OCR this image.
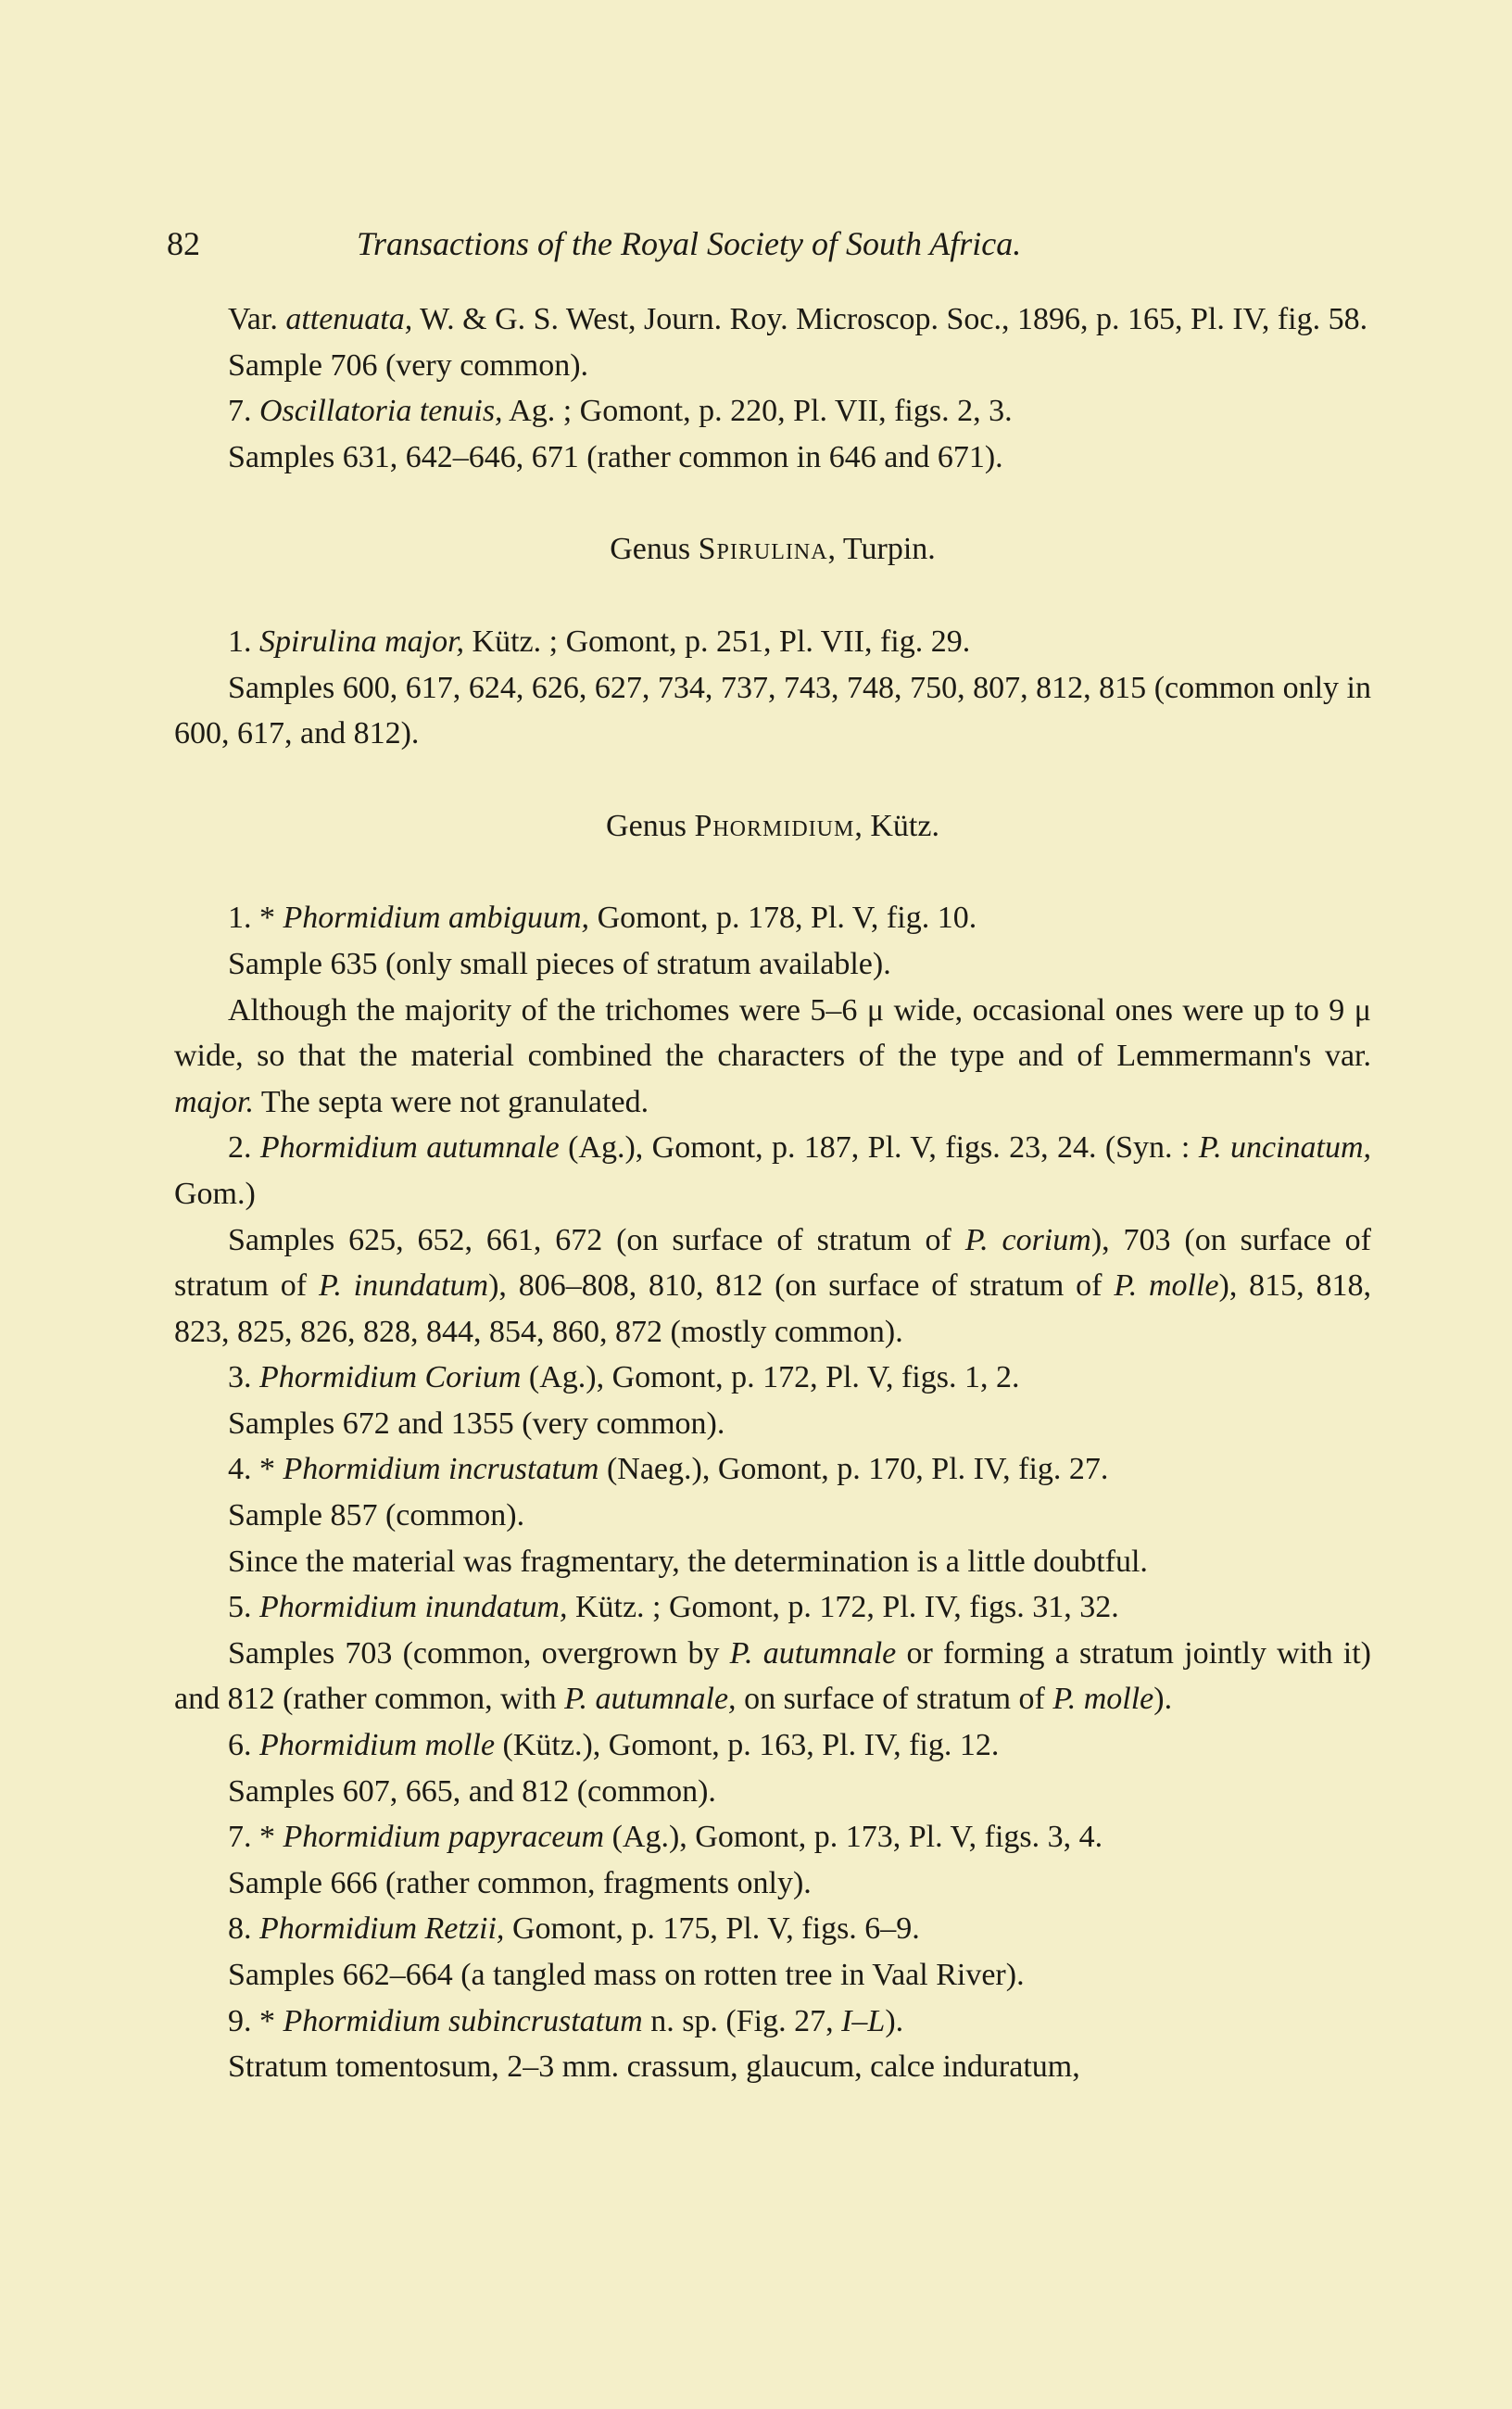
82	Transactions of the Royal Society of South Africa.

Var. attenuata, W. & G. S. West, Journ. Roy. Microscop. Soc., 1896, p. 165, Pl. IV, fig. 58.

Sample 706 (very common).

7. Oscillatoria tenuis, Ag. ; Gomont, p. 220, Pl. VII, figs. 2, 3.

Samples 631, 642–646, 671 (rather common in 646 and 671).

Genus Spirulina, Turpin.

1. Spirulina major, Kütz. ; Gomont, p. 251, Pl. VII, fig. 29.

Samples 600, 617, 624, 626, 627, 734, 737, 743, 748, 750, 807, 812, 815 (common only in 600, 617, and 812).

Genus Phormidium, Kütz.

1. * Phormidium ambiguum, Gomont, p. 178, Pl. V, fig. 10.

Sample 635 (only small pieces of stratum available).

Although the majority of the trichomes were 5–6 μ wide, occasional ones were up to 9 μ wide, so that the material combined the characters of the type and of Lemmermann's var. major. The septa were not granulated.

2. Phormidium autumnale (Ag.), Gomont, p. 187, Pl. V, figs. 23, 24. (Syn. : P. uncinatum, Gom.)

Samples 625, 652, 661, 672 (on surface of stratum of P. corium), 703 (on surface of stratum of P. inundatum), 806–808, 810, 812 (on surface of stratum of P. molle), 815, 818, 823, 825, 826, 828, 844, 854, 860, 872 (mostly common).

3. Phormidium Corium (Ag.), Gomont, p. 172, Pl. V, figs. 1, 2.

Samples 672 and 1355 (very common).

4. * Phormidium incrustatum (Naeg.), Gomont, p. 170, Pl. IV, fig. 27.

Sample 857 (common).

Since the material was fragmentary, the determination is a little doubtful.

5. Phormidium inundatum, Kütz. ; Gomont, p. 172, Pl. IV, figs. 31, 32.

Samples 703 (common, overgrown by P. autumnale or forming a stratum jointly with it) and 812 (rather common, with P. autumnale, on surface of stratum of P. molle).

6. Phormidium molle (Kütz.), Gomont, p. 163, Pl. IV, fig. 12.

Samples 607, 665, and 812 (common).

7. * Phormidium papyraceum (Ag.), Gomont, p. 173, Pl. V, figs. 3, 4.

Sample 666 (rather common, fragments only).

8. Phormidium Retzii, Gomont, p. 175, Pl. V, figs. 6–9.

Samples 662–664 (a tangled mass on rotten tree in Vaal River).

9. * Phormidium subincrustatum n. sp. (Fig. 27, I–L).

Stratum tomentosum, 2–3 mm. crassum, glaucum, calce induratum,
